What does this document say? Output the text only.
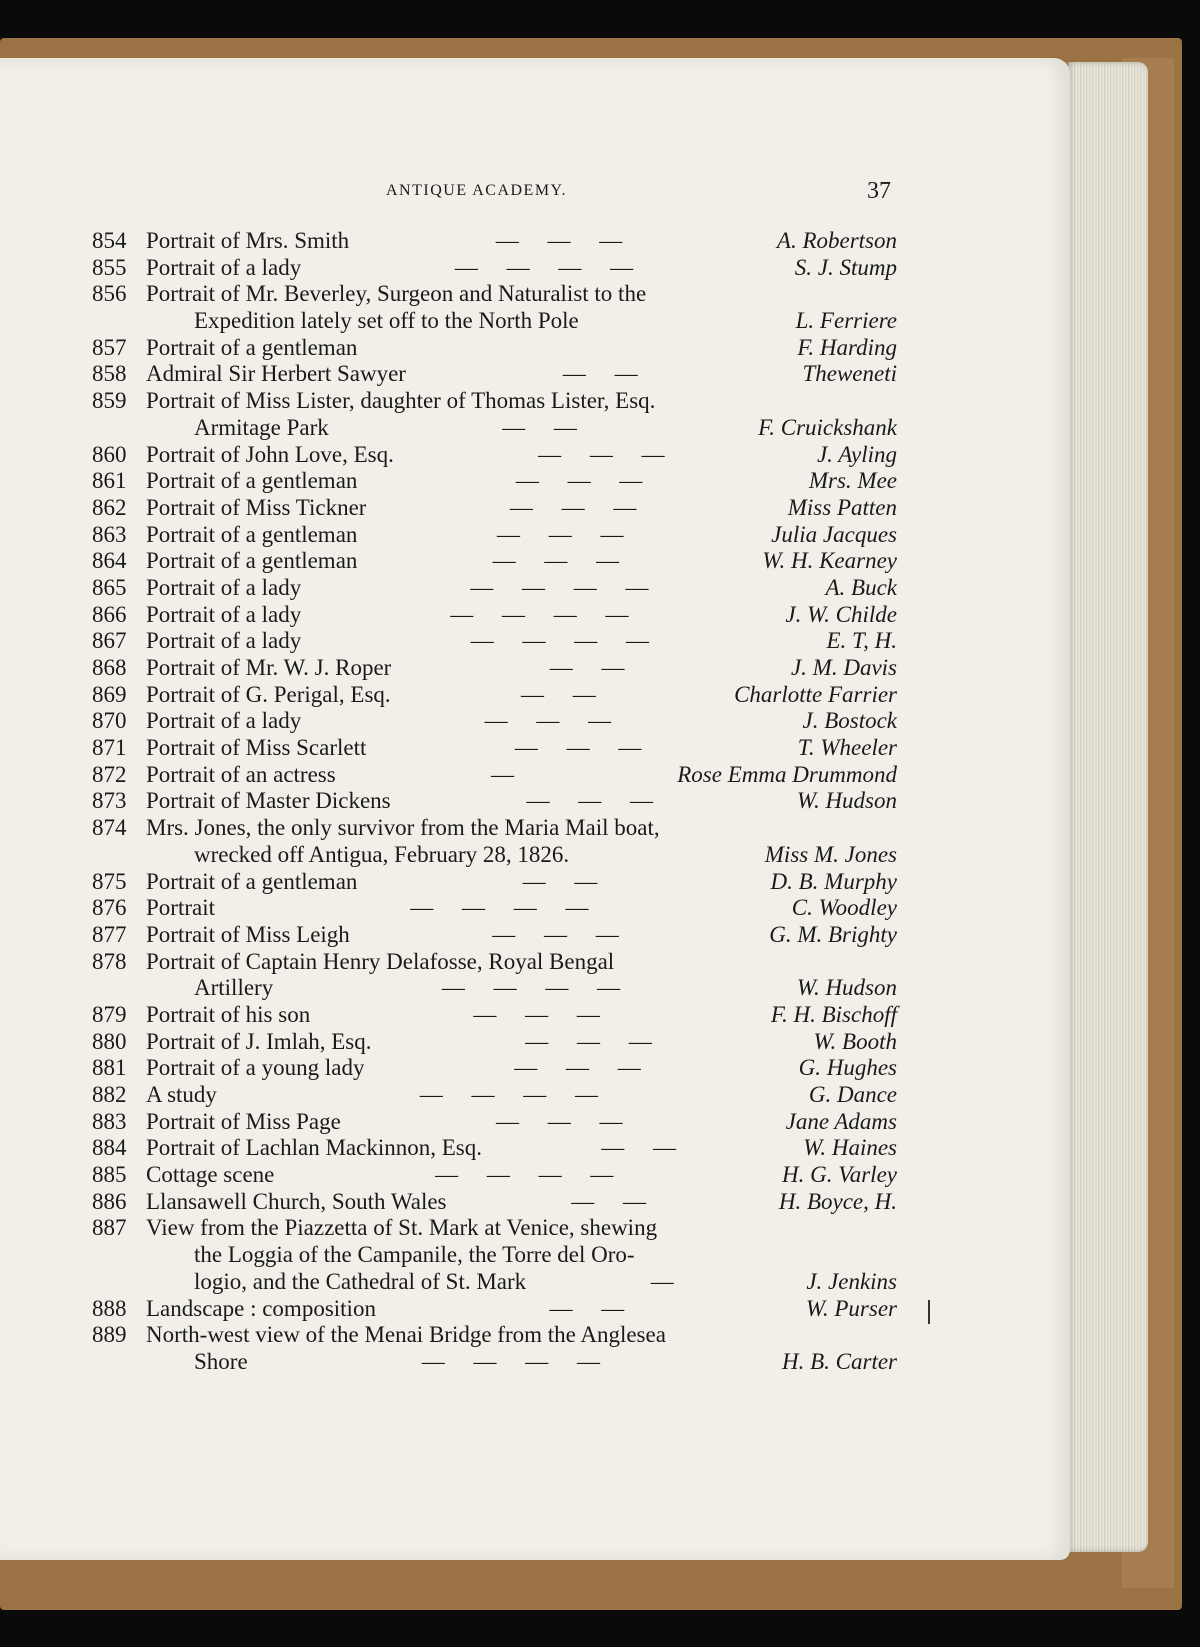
ANTIQUE ACADEMY.	37
854 Portrait of Mrs. Smith	—     —     —	A. Robertson
855 Portrait of a lady	—     —     —     —	S. J. Stump
856 Portrait of Mr. Beverley, Surgeon and Naturalist to the
Expedition lately set off to the North Pole	L. Ferriere
857 Portrait of a gentleman	F. Harding
858 Admiral Sir Herbert Sawyer	—     —	Theweneti
859 Portrait of Miss Lister, daughter of Thomas Lister, Esq.
Armitage Park	—     —	F. Cruickshank
860 Portrait of John Love, Esq.	—     —     —	J. Ayling
861 Portrait of a gentleman	—     —     —	Mrs. Mee
862 Portrait of Miss Tickner	—     —     —	Miss Patten
863 Portrait of a gentleman	—     —     —	Julia Jacques
864 Portrait of a gentleman	—     —     —	W. H. Kearney
865 Portrait of a lady	—     —     —     —	A. Buck
866 Portrait of a lady	—     —     —     —	J. W. Childe
867 Portrait of a lady	—     —     —     —	E. T, H.
868 Portrait of Mr. W. J. Roper	—     —	J. M. Davis
869 Portrait of G. Perigal, Esq.	—     —	Charlotte Farrier
870 Portrait of a lady	—     —     —	J. Bostock
871 Portrait of Miss Scarlett	—     —     —	T. Wheeler
872 Portrait of an actress	—	Rose Emma Drummond
873 Portrait of Master Dickens	—     —     —	W. Hudson
874 Mrs. Jones, the only survivor from the Maria Mail boat,
wrecked off Antigua, February 28, 1826.	Miss M. Jones
875 Portrait of a gentleman	—     —	D. B. Murphy
876 Portrait	—     —     —     —	C. Woodley
877 Portrait of Miss Leigh	—     —     —	G. M. Brighty
878 Portrait of Captain Henry Delafosse, Royal Bengal
Artillery	—     —     —     —	W. Hudson
879 Portrait of his son	—     —     —	F. H. Bischoff
880 Portrait of J. Imlah, Esq.	—     —     —	W. Booth
881 Portrait of a young lady	—     —     —	G. Hughes
882 A study	—     —     —     —	G. Dance
883 Portrait of Miss Page	—     —     —	Jane Adams
884 Portrait of Lachlan Mackinnon, Esq.	—     —	W. Haines
885 Cottage scene	—     —     —     —	H. G. Varley
886 Llansawell Church, South Wales	—     —	H. Boyce, H.
887 View from the Piazzetta of St. Mark at Venice, shewing
the Loggia of the Campanile, the Torre del Oro-
logio, and the Cathedral of St. Mark	—	J. Jenkins
888 Landscape : composition	—     —	W. Purser
889 North-west view of the Menai Bridge from the Anglesea
Shore	—     —     —     —	H. B. Carter
